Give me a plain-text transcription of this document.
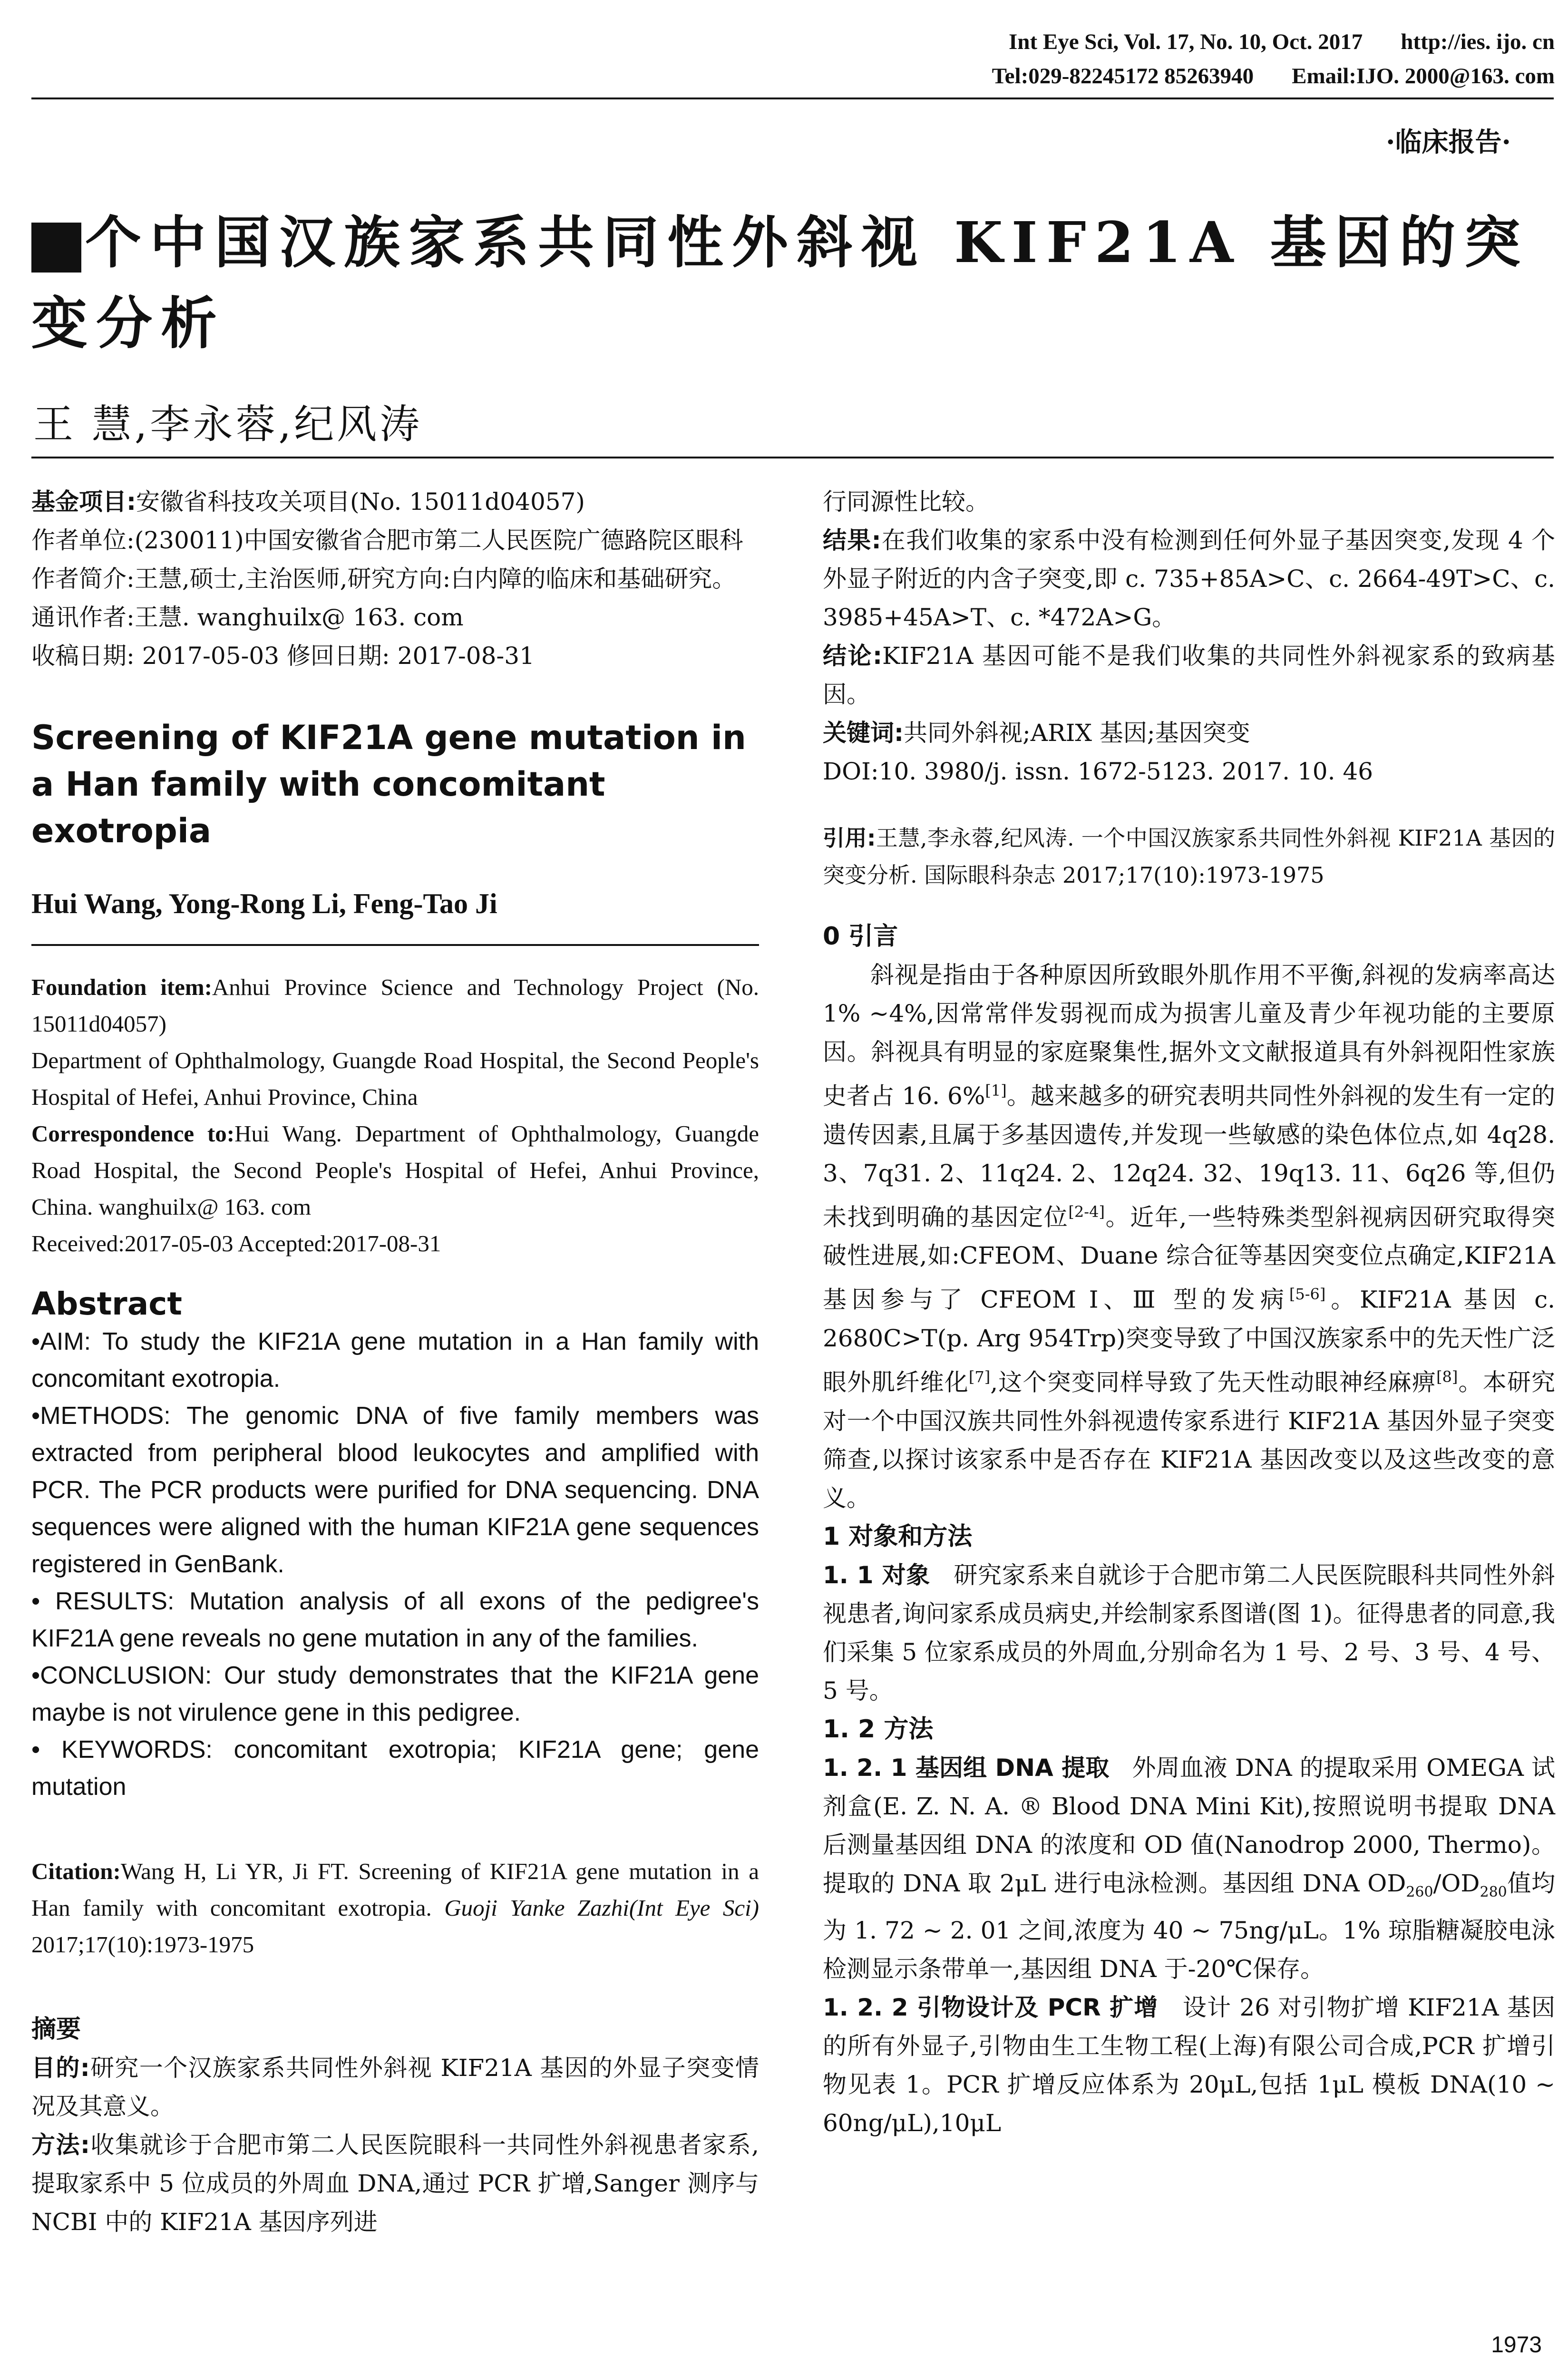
Int Eye Sci, Vol. 17, No. 10, Oct. 2017 http://ies. ijo. cn
Tel:029-82245172 85263940 Email:IJO. 2000@163. com
·临床报告·
个中国汉族家系共同性外斜视 KIF21A 基因的突变分析
王 慧,李永蓉,纪风涛

基金项目:安徽省科技攻关项目(No. 15011d04057)

作者单位:(230011)中国安徽省合肥市第二人民医院广德路院区眼科

作者简介:王慧,硕士,主治医师,研究方向:白内障的临床和基础研究。

通讯作者:王慧. wanghuilx@ 163. com

收稿日期: 2017-05-03 修回日期: 2017-08-31

Screening of KIF21A gene mutation in a Han family with concomitant exotropia
Hui Wang, Yong-Rong Li, Feng-Tao Ji

Foundation item:Anhui Province Science and Technology Project (No. 15011d04057)

Department of Ophthalmology, Guangde Road Hospital, the Second People's Hospital of Hefei, Anhui Province, China

Correspondence to:Hui Wang. Department of Ophthalmology, Guangde Road Hospital, the Second People's Hospital of Hefei, Anhui Province, China. wanghuilx@ 163. com

Received:2017-05-03 Accepted:2017-08-31

Abstract

•AIM: To study the KIF21A gene mutation in a Han family with concomitant exotropia.

•METHODS: The genomic DNA of five family members was extracted from peripheral blood leukocytes and amplified with PCR. The PCR products were purified for DNA sequencing. DNA sequences were aligned with the human KIF21A gene sequences registered in GenBank.

• RESULTS: Mutation analysis of all exons of the pedigree's KIF21A gene reveals no gene mutation in any of the families.

•CONCLUSION: Our study demonstrates that the KIF21A gene maybe is not virulence gene in this pedigree.

• KEYWORDS: concomitant exotropia; KIF21A gene; gene mutation

Citation:Wang H, Li YR, Ji FT. Screening of KIF21A gene mutation in a Han family with concomitant exotropia. Guoji Yanke Zazhi(Int Eye Sci) 2017;17(10):1973-1975

摘要

目的:研究一个汉族家系共同性外斜视 KIF21A 基因的外显子突变情况及其意义。

方法:收集就诊于合肥市第二人民医院眼科一共同性外斜视患者家系,提取家系中 5 位成员的外周血 DNA,通过 PCR 扩增,Sanger 测序与 NCBI 中的 KIF21A 基因序列进

行同源性比较。

结果:在我们收集的家系中没有检测到任何外显子基因突变,发现 4 个外显子附近的内含子突变,即 c. 735+85A>C、c. 2664-49T>C、c. 3985+45A>T、c. *472A>G。

结论:KIF21A 基因可能不是我们收集的共同性外斜视家系的致病基因。

关键词:共同外斜视;ARIX 基因;基因突变

DOI:10. 3980/j. issn. 1672-5123. 2017. 10. 46

引用:王慧,李永蓉,纪风涛. 一个中国汉族家系共同性外斜视 KIF21A 基因的突变分析. 国际眼科杂志 2017;17(10):1973-1975

0 引言

斜视是指由于各种原因所致眼外肌作用不平衡,斜视的发病率高达 1% ~4%,因常常伴发弱视而成为损害儿童及青少年视功能的主要原因。斜视具有明显的家庭聚集性,据外文文献报道具有外斜视阳性家族史者占 16. 6%[1]。越来越多的研究表明共同性外斜视的发生有一定的遗传因素,且属于多基因遗传,并发现一些敏感的染色体位点,如 4q28. 3、7q31. 2、11q24. 2、12q24. 32、19q13. 11、6q26 等,但仍未找到明确的基因定位[2-4]。近年,一些特殊类型斜视病因研究取得突破性进展,如:CFEOM、Duane 综合征等基因突变位点确定,KIF21A 基因参与了 CFEOM Ⅰ、Ⅲ 型的发病[5-6]。KIF21A 基因 c. 2680C>T(p. Arg 954Trp)突变导致了中国汉族家系中的先天性广泛眼外肌纤维化[7],这个突变同样导致了先天性动眼神经麻痹[8]。本研究对一个中国汉族共同性外斜视遗传家系进行 KIF21A 基因外显子突变筛查,以探讨该家系中是否存在 KIF21A 基因改变以及这些改变的意义。

1 对象和方法

1. 1 对象 研究家系来自就诊于合肥市第二人民医院眼科共同性外斜视患者,询问家系成员病史,并绘制家系图谱(图 1)。征得患者的同意,我们采集 5 位家系成员的外周血,分别命名为 1 号、2 号、3 号、4 号、5 号。

1. 2 方法

1. 2. 1 基因组 DNA 提取 外周血液 DNA 的提取采用 OMEGA 试剂盒(E. Z. N. A. ® Blood DNA Mini Kit),按照说明书提取 DNA 后测量基因组 DNA 的浓度和 OD 值(Nanodrop 2000, Thermo)。提取的 DNA 取 2μL 进行电泳检测。基因组 DNA $OD_{260}/OD_{280}$值均为 1. 72 ~ 2. 01 之间,浓度为 40 ~ 75ng/μL。1% 琼脂糖凝胶电泳检测显示条带单一,基因组 DNA 于-20℃保存。

1. 2. 2 引物设计及 PCR 扩增 设计 26 对引物扩增 KIF21A 基因的所有外显子,引物由生工生物工程(上海)有限公司合成,PCR 扩增引物见表 1。PCR 扩增反应体系为 20μL,包括 1μL 模板 DNA(10 ~ 60ng/μL),10μL

1973
